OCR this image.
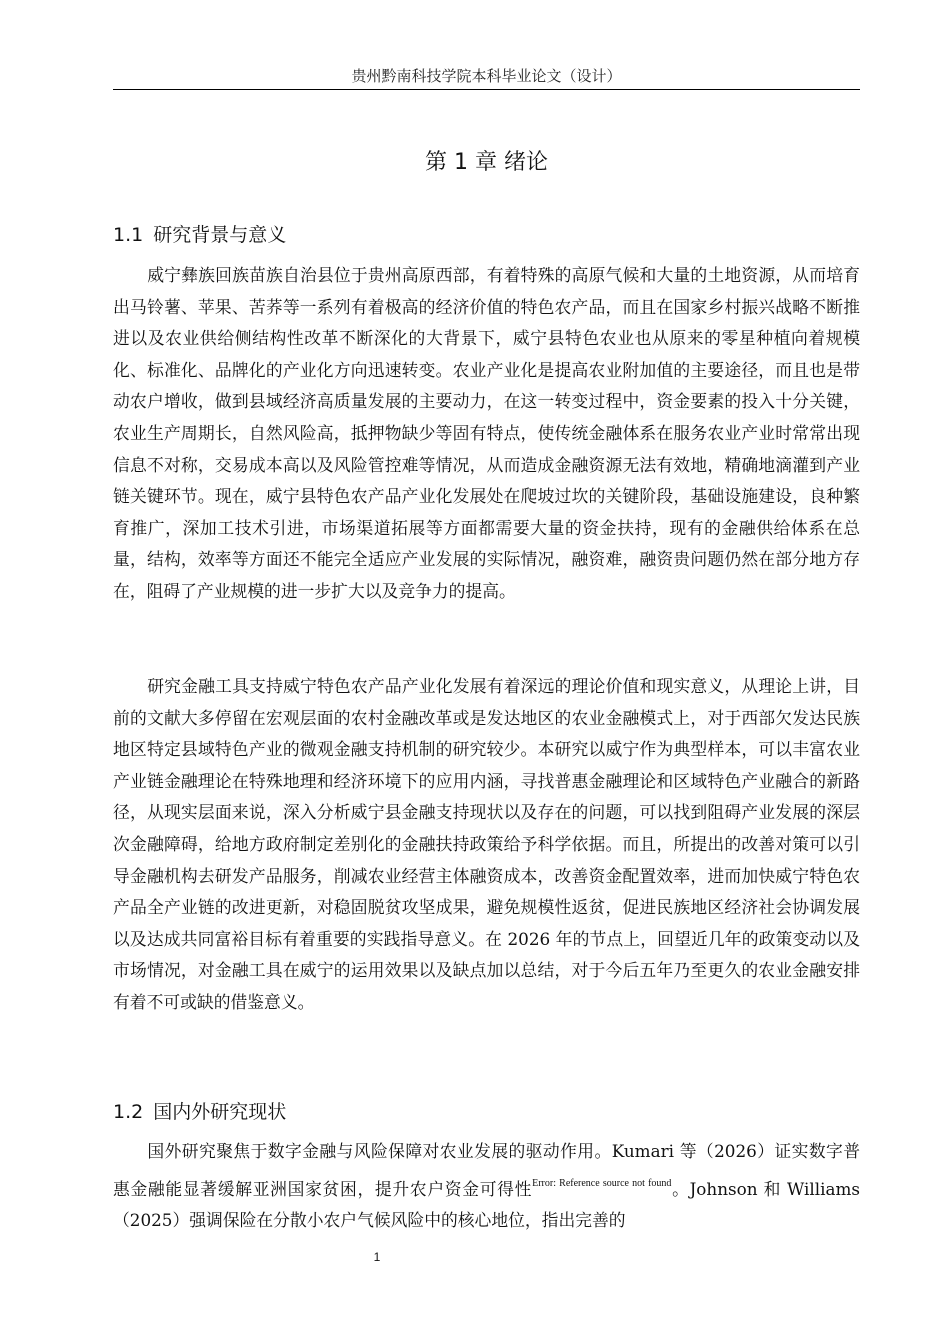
贵州黔南科技学院本科毕业论文（设计）
第 1 章 绪论
1.1 研究背景与意义
威宁彝族回族苗族自治县位于贵州高原西部，有着特殊的高原气候和大量的土地资源，从而培育出马铃薯、苹果、苦荞等一系列有着极高的经济价值的特色农产品，而且在国家乡村振兴战略不断推进以及农业供给侧结构性改革不断深化的大背景下，威宁县特色农业也从原来的零星种植向着规模化、标准化、品牌化的产业化方向迅速转变。农业产业化是提高农业附加值的主要途径，而且也是带动农户增收，做到县域经济高质量发展的主要动力，在这一转变过程中，资金要素的投入十分关键，农业生产周期长，自然风险高，抵押物缺少等固有特点，使传统金融体系在服务农业产业时常常出现信息不对称，交易成本高以及风险管控难等情况，从而造成金融资源无法有效地，精确地滴灌到产业链关键环节。现在，威宁县特色农产品产业化发展处在爬坡过坎的关键阶段，基础设施建设，良种繁育推广，深加工技术引进，市场渠道拓展等方面都需要大量的资金扶持，现有的金融供给体系在总量，结构，效率等方面还不能完全适应产业发展的实际情况，融资难，融资贵问题仍然在部分地方存在，阻碍了产业规模的进一步扩大以及竞争力的提高。
研究金融工具支持威宁特色农产品产业化发展有着深远的理论价值和现实意义，从理论上讲，目前的文献大多停留在宏观层面的农村金融改革或是发达地区的农业金融模式上，对于西部欠发达民族地区特定县域特色产业的微观金融支持机制的研究较少。本研究以威宁作为典型样本，可以丰富农业产业链金融理论在特殊地理和经济环境下的应用内涵，寻找普惠金融理论和区域特色产业融合的新路径，从现实层面来说，深入分析威宁县金融支持现状以及存在的问题，可以找到阻碍产业发展的深层次金融障碍，给地方政府制定差别化的金融扶持政策给予科学依据。而且，所提出的改善对策可以引导金融机构去研发产品服务，削减农业经营主体融资成本，改善资金配置效率，进而加快威宁特色农产品全产业链的改进更新，对稳固脱贫攻坚成果，避免规模性返贫，促进民族地区经济社会协调发展以及达成共同富裕目标有着重要的实践指导意义。在 2026 年的节点上，回望近几年的政策变动以及市场情况，对金融工具在威宁的运用效果以及缺点加以总结，对于今后五年乃至更久的农业金融安排有着不可或缺的借鉴意义。
1.2 国内外研究现状
国外研究聚焦于数字金融与风险保障对农业发展的驱动作用。Kumari 等（2026）证实数字普惠金融能显著缓解亚洲国家贫困，提升农户资金可得性$^{Error: Reference source not found}$。Johnson 和 Williams（2025）强调保险在分散小农户气候风险中的核心地位，指出完善的
1
